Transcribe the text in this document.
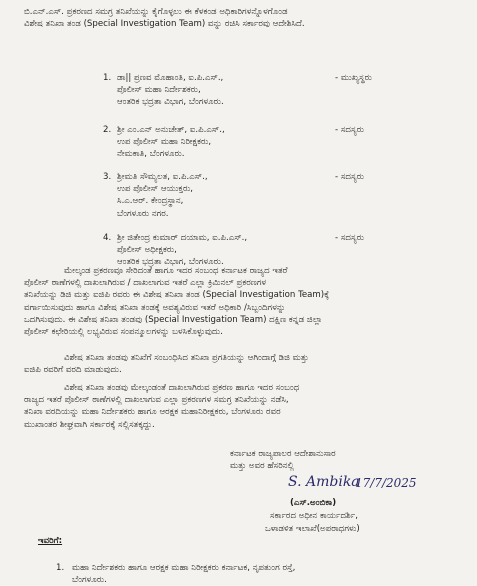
ಬಿ.ಎನ್.ಎಸ್. ಪ್ರಕರಣದ ಸಮಗ್ರ ತನಿಖೆಯನ್ನು ಕೈಗೊಳ್ಳಲು ಈ ಕೆಳಕಂಡ ಅಧಿಕಾರಿಗಳನ್ನೊಳಗೊಂಡ
ವಿಶೇಷ ತನಿಖಾ ತಂಡ (Special Investigation Team) ವನ್ನು ರಚಿಸಿ ಸರ್ಕಾರವು ಆದೇಶಿಸಿದೆ.
1. ಡಾ|| ಪ್ರಣವ ಮೊಹಾಂತಿ, ಐ.ಪಿ.ಎಸ್.,
ಪೊಲೀಸ್ ಮಹಾ ನಿರ್ದೇಶಕರು,
ಆಂತರಿಕ ಭದ್ರತಾ ವಿಭಾಗ, ಬೆಂಗಳೂರು.
- ಮುಖ್ಯಸ್ಥರು
2. ಶ್ರೀ ಎಂ.ಎನ್ ಅನುಚೇತ್, ಐ.ಪಿ.ಎಸ್.,
ಉಪ ಪೊಲೀಸ್ ಮಹಾ ನಿರೀಕ್ಷಕರು,
ನೇಮಕಾತಿ, ಬೆಂಗಳೂರು.
- ಸದಸ್ಯರು
3. ಶ್ರೀಮತಿ ಸೌಮ್ಯಲತ, ಐ.ಪಿ.ಎಸ್.,
ಉಪ ಪೊಲೀಸ್ ಆಯುಕ್ತರು,
ಸಿ.ಎ.ಆರ್. ಕೇಂದ್ರಸ್ಥಾನ,
ಬೆಂಗಳೂರು ನಗರ.
- ಸದಸ್ಯರು
4. ಶ್ರೀ ಜಿತೇಂದ್ರ ಕುಮಾರ್ ದಯಾಮ, ಐ.ಪಿ.ಎಸ್.,
ಪೊಲೀಸ್ ಅಧೀಕ್ಷಕರು,
ಆಂತರಿಕ ಭದ್ರತಾ ವಿಭಾಗ, ಬೆಂಗಳೂರು.
- ಸದಸ್ಯರು
ಮೇಲ್ಕಂಡ ಪ್ರಕರಣವೂ ಸೇರಿದಂತೆ ಹಾಗೂ ಇದರ ಸಂಬಂಧ ಕರ್ನಾಟಕ ರಾಜ್ಯದ ಇತರೆ
ಪೊಲೀಸ್ ಠಾಣೆಗಳಲ್ಲಿ ದಾಖಲಾಗಿರುವ / ದಾಖಲಾಗುವ ಇತರೆ ಎಲ್ಲಾ ಕ್ರಿಮಿನಲ್ ಪ್ರಕರಣಗಳ
ತನಿಖೆಯನ್ನು ಡಿಜಿ ಮತ್ತು ಐಜಿಪಿ ರವರು ಈ ವಿಶೇಷ ತನಿಖಾ ತಂಡ (Special Investigation Team)ಕ್ಕೆ
ವರ್ಗಾಯಿಸುವುದು ಹಾಗೂ ವಿಶೇಷ ತನಿಖಾ ತಂಡಕ್ಕೆ ಅವಶ್ಯವಿರುವ ಇತರೆ ಅಧಿಕಾರಿ /ಸಿಬ್ಬಂದಿಗಳನ್ನು
ಒದಗಿಸುವುದು. ಈ ವಿಶೇಷ ತನಿಖಾ ತಂಡವು (Special Investigation Team) ದಕ್ಷಿಣ ಕನ್ನಡ ಜಿಲ್ಲಾ
ಪೊಲೀಸ್ ಕಛೇರಿಯಲ್ಲಿ ಲಭ್ಯವಿರುವ ಸಂಪನ್ಮೂಲಗಳನ್ನು ಬಳಸಿಕೊಳ್ಳುವುದು.
ವಿಶೇಷ ತನಿಖಾ ತಂಡವು ತನಿಖೆಗೆ ಸಂಬಂಧಿಸಿದ ತನಿಖಾ ಪ್ರಗತಿಯನ್ನು ಆಗಿಂದಾಗ್ಗೆ ಡಿಜಿ ಮತ್ತು
ಐಜಿಪಿ ರವರಿಗೆ ವರದಿ ಮಾಡುವುದು.
ವಿಶೇಷ ತನಿಖಾ ತಂಡವು ಮೇಲ್ಕಂಡಂತೆ ದಾಖಲಾಗಿರುವ ಪ್ರಕರಣ ಹಾಗೂ ಇದರ ಸಂಬಂಧ
ರಾಜ್ಯದ ಇತರೆ ಪೊಲೀಸ್ ಠಾಣೆಗಳಲ್ಲಿ ದಾಖಲಾಗುವ ಎಲ್ಲಾ ಪ್ರಕರಣಗಳ ಸಮಗ್ರ ತನಿಖೆಯನ್ನು ನಡೆಸಿ,
ತನಿಖಾ ವರದಿಯನ್ನು ಮಹಾ ನಿರ್ದೇಶಕರು ಹಾಗೂ ಆರಕ್ಷಕ ಮಹಾನಿರೀಕ್ಷಕರು, ಬೆಂಗಳೂರು ರವರ
ಮುಖಾಂತರ ಶೀಘ್ರವಾಗಿ ಸರ್ಕಾರಕ್ಕೆ ಸಲ್ಲಿಸತಕ್ಕದ್ದು.
ಕರ್ನಾಟಕ ರಾಜ್ಯಪಾಲರ ಆದೇಶಾನುಸಾರ
ಮತ್ತು ಅವರ ಹೆಸರಿನಲ್ಲಿ
S. Ambika
17/7/2025
(ಎಸ್.ಅಂಬಿಕಾ)
ಸರ್ಕಾರದ ಅಧೀನ ಕಾರ್ಯದರ್ಶಿ,
ಒಳಾಡಳಿತ ಇಲಾಖೆ(ಅಪರಾಧಗಳು)
ಇವರಿಗೆ:
1. ಮಹಾ ನಿರ್ದೇಶಕರು ಹಾಗೂ ಆರಕ್ಷಕ ಮಹಾ ನಿರೀಕ್ಷಕರು ಕರ್ನಾಟಕ, ನೃಪತುಂಗ ರಸ್ತೆ,
ಬೆಂಗಳೂರು.
